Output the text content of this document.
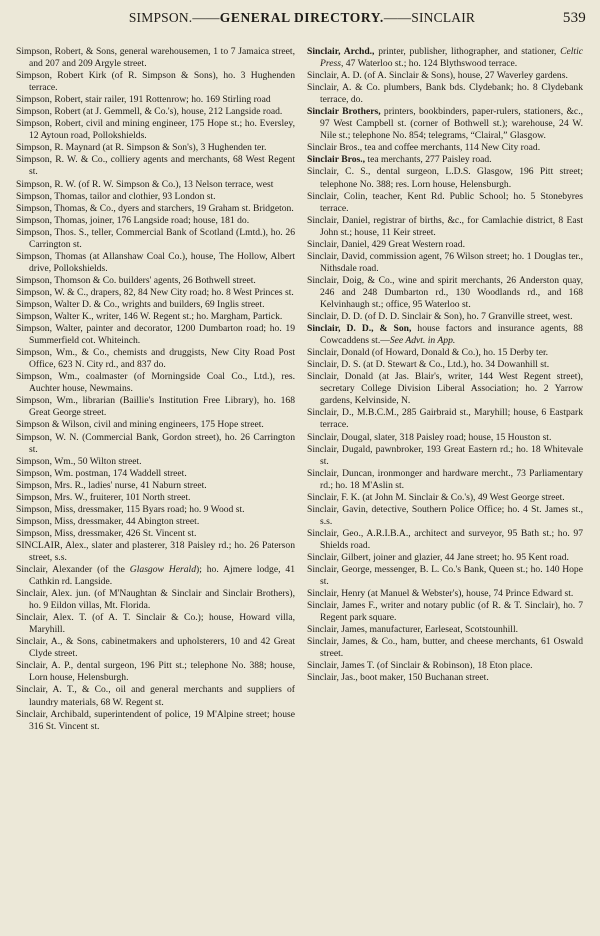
SIMPSON.—— GENERAL DIRECTORY. ——SINCLAIR	539

Simpson, Robert, & Sons, general warehousemen, 1 to 7 Jamaica street, and 207 and 209 Argyle street.

Simpson, Robert Kirk (of R. Simpson & Sons), ho. 3 Hughenden terrace.

Simpson, Robert, stair railer, 191 Rottenrow; ho. 169 Stirling road

Simpson, Robert (at J. Gemmell, & Co.'s), house, 212 Langside road.

Simpson, Robert, civil and mining engineer, 175 Hope st.; ho. Eversley, 12 Aytoun road, Pollokshields.

Simpson, R. Maynard (at R. Simpson & Son's), 3 Hughenden ter.

Simpson, R. W. & Co., colliery agents and merchants, 68 West Regent st.

Simpson, R. W. (of R. W. Simpson & Co.), 13 Nelson terrace, west

Simpson, Thomas, tailor and clothier, 93 London st.

Simpson, Thomas, & Co., dyers and starchers, 19 Graham st. Bridgeton.

Simpson, Thomas, joiner, 176 Langside road; house, 181 do.

Simpson, Thos. S., teller, Commercial Bank of Scotland (Lmtd.), ho. 26 Carrington st.

Simpson, Thomas (at Allanshaw Coal Co.), house, The Hollow, Albert drive, Pollokshields.

Simpson, Thomson & Co. builders' agents, 26 Bothwell street.

Simpson, W. & C., drapers, 82, 84 New City road; ho. 8 West Princes st.

Simpson, Walter D. & Co., wrights and builders, 69 Inglis street.

Simpson, Walter K., writer, 146 W. Regent st.; ho. Margham, Partick.

Simpson, Walter, painter and decorator, 1200 Dumbarton road; ho. 19 Summerfield cot. Whiteinch.

Simpson, Wm., & Co., chemists and druggists, New City Road Post Office, 623 N. City rd., and 837 do.

Simpson, Wm., coalmaster (of Morningside Coal Co., Ltd.), res. Auchter house, Newmains.

Simpson, Wm., librarian (Baillie's Institution Free Library), ho. 168 Great George street.

Simpson & Wilson, civil and mining engineers, 175 Hope street.

Simpson, W. N. (Commercial Bank, Gordon street), ho. 26 Carrington st.

Simpson, Wm., 50 Wilton street.

Simpson, Wm. postman, 174 Waddell street.

Simpson, Mrs. R., ladies' nurse, 41 Naburn street.

Simpson, Mrs. W., fruiterer, 101 North street.

Simpson, Miss, dressmaker, 115 Byars road; ho. 9 Wood st.

Simpson, Miss, dressmaker, 44 Abington street.

Simpson, Miss, dressmaker, 426 St. Vincent st.

SINCLAIR, Alex., slater and plasterer, 318 Paisley rd.; ho. 26 Paterson street, s.s.

Sinclair, Alexander (of the Glasgow Herald); ho. Ajmere lodge, 41 Cathkin rd. Langside.

Sinclair, Alex. jun. (of M'Naughtan & Sinclair and Sinclair Brothers), ho. 9 Eildon villas, Mt. Florida.

Sinclair, Alex. T. (of A. T. Sinclair & Co.); house, Howard villa, Maryhill.

Sinclair, A., & Sons, cabinetmakers and upholsterers, 10 and 42 Great Clyde street.

Sinclair, A. P., dental surgeon, 196 Pitt st.; telephone No. 388; house, Lorn house, Helensburgh.

Sinclair, A. T., & Co., oil and general merchants and suppliers of laundry materials, 68 W. Regent st.

Sinclair, Archibald, superintendent of police, 19 M'Alpine street; house 316 St. Vincent st.

Sinclair, Archd., printer, publisher, lithographer, and stationer, Celtic Press, 47 Waterloo st.; ho. 124 Blythswood terrace.

Sinclair, A. D. (of A. Sinclair & Sons), house, 27 Waverley gardens.

Sinclair, A. & Co. plumbers, Bank bds. Clydebank; ho. 8 Clydebank terrace, do.

Sinclair Brothers, printers, bookbinders, paper-rulers, stationers, &c., 97 West Campbell st. (corner of Bothwell st.); warehouse, 24 W. Nile st.; telephone No. 854; telegrams, “Clairal,” Glasgow.

Sinclair Bros., tea and coffee merchants, 114 New City road.

Sinclair Bros., tea merchants, 277 Paisley road.

Sinclair, C. S., dental surgeon, L.D.S. Glasgow, 196 Pitt street; telephone No. 388; res. Lorn house, Helensburgh.

Sinclair, Colin, teacher, Kent Rd. Public School; ho. 5 Stonebyres terrace.

Sinclair, Daniel, registrar of births, &c., for Camlachie district, 8 East John st.; house, 11 Keir street.

Sinclair, Daniel, 429 Great Western road.

Sinclair, David, commission agent, 76 Wilson street; ho. 1 Douglas ter., Nithsdale road.

Sinclair, Doig, & Co., wine and spirit merchants, 26 Anderston quay, 246 and 248 Dumbarton rd., 130 Woodlands rd., and 168 Kelvinhaugh st.; office, 95 Waterloo st.

Sinclair, D. D. (of D. D. Sinclair & Son), ho. 7 Granville street, west.

Sinclair, D. D., & Son, house factors and insurance agents, 88 Cowcaddens st.—See Advt. in App.

Sinclair, Donald (of Howard, Donald & Co.), ho. 15 Derby ter.

Sinclair, D. S. (at D. Stewart & Co., Ltd.), ho. 34 Dowanhill st.

Sinclair, Donald (at Jas. Blair's, writer, 144 West Regent street), secretary College Division Liberal Association; ho. 2 Yarrow gardens, Kelvinside, N.

Sinclair, D., M.B.C.M., 285 Gairbraid st., Maryhill; house, 6 Eastpark terrace.

Sinclair, Dougal, slater, 318 Paisley road; house, 15 Houston st.

Sinclair, Dugald, pawnbroker, 193 Great Eastern rd.; ho. 18 Whitevale st.

Sinclair, Duncan, ironmonger and hardware mercht., 73 Parliamentary rd.; ho. 18 M'Aslin st.

Sinclair, F. K. (at John M. Sinclair & Co.'s), 49 West George street.

Sinclair, Gavin, detective, Southern Police Office; ho. 4 St. James st., s.s.

Sinclair, Geo., A.R.I.B.A., architect and surveyor, 95 Bath st.; ho. 97 Shields road.

Sinclair, Gilbert, joiner and glazier, 44 Jane street; ho. 95 Kent road.

Sinclair, George, messenger, B. L. Co.'s Bank, Queen st.; ho. 140 Hope st.

Sinclair, Henry (at Manuel & Webster's), house, 74 Prince Edward st.

Sinclair, James F., writer and notary public (of R. & T. Sinclair), ho. 7 Regent park square.

Sinclair, James, manufacturer, Earleseat, Scotstounhill.

Sinclair, James, & Co., ham, butter, and cheese merchants, 61 Oswald street.

Sinclair, James T. (of Sinclair & Robinson), 18 Eton place.

Sinclair, Jas., boot maker, 150 Buchanan street.
